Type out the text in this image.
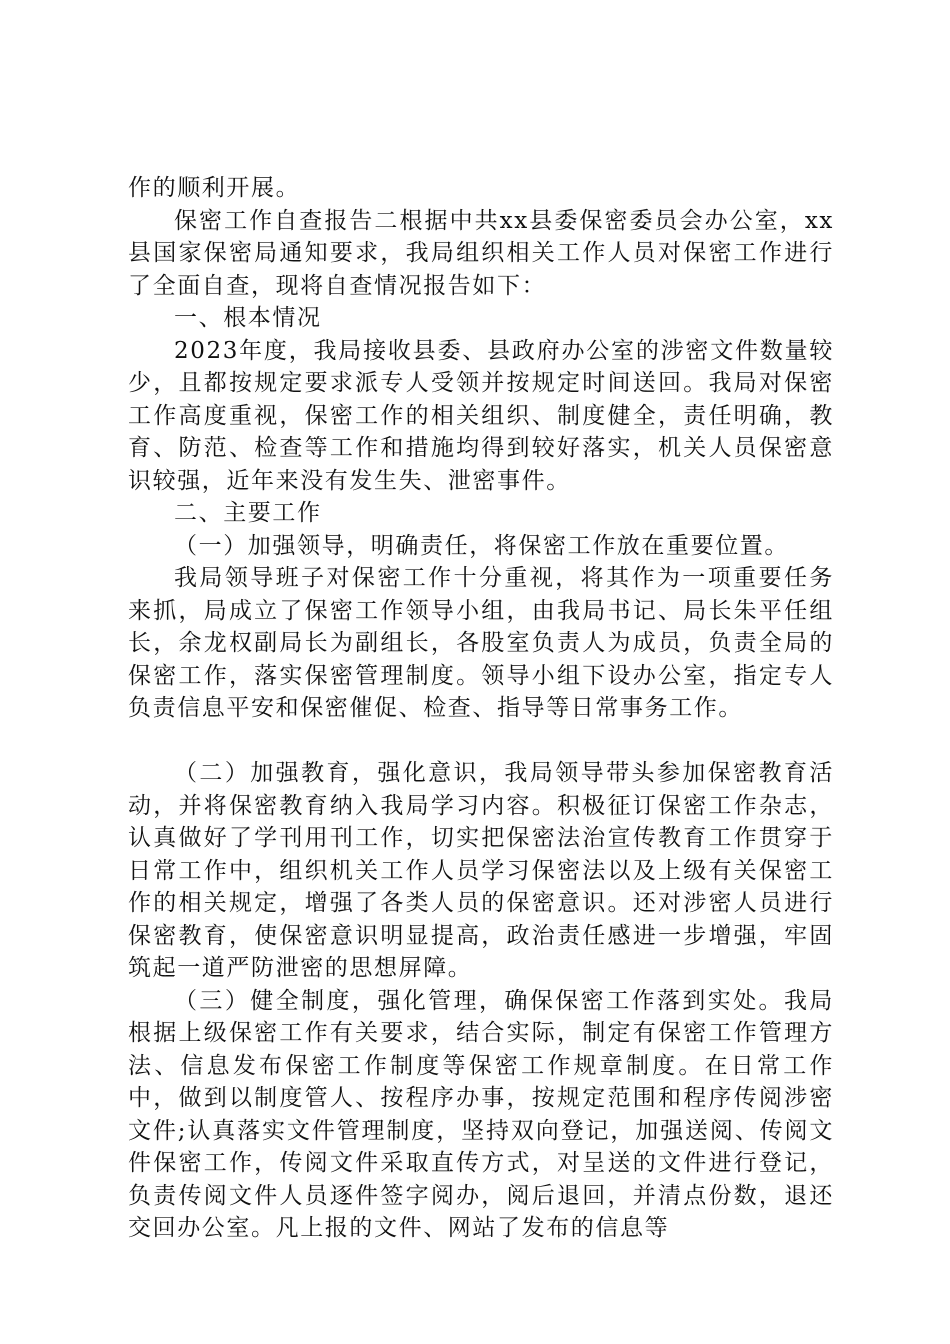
作的顺利开展。

保密工作自查报告二根据中共xx县委保密委员会办公室，xx县国家保密局通知要求，我局组织相关工作人员对保密工作进行了全面自查，现将自查情况报告如下：

一、根本情况

2023年度，我局接收县委、县政府办公室的涉密文件数量较少，且都按规定要求派专人受领并按规定时间送回。我局对保密工作高度重视，保密工作的相关组织、制度健全，责任明确，教育、防范、检查等工作和措施均得到较好落实，机关人员保密意识较强，近年来没有发生失、泄密事件。

二、主要工作

（一）加强领导，明确责任，将保密工作放在重要位置。

我局领导班子对保密工作十分重视，将其作为一项重要任务来抓，局成立了保密工作领导小组，由我局书记、局长朱平任组长，余龙权副局长为副组长，各股室负责人为成员，负责全局的保密工作，落实保密管理制度。领导小组下设办公室，指定专人负责信息平安和保密催促、检查、指导等日常事务工作。

（二）加强教育，强化意识，我局领导带头参加保密教育活动，并将保密教育纳入我局学习内容。积极征订保密工作杂志，认真做好了学刊用刊工作，切实把保密法治宣传教育工作贯穿于日常工作中，组织机关工作人员学习保密法以及上级有关保密工作的相关规定，增强了各类人员的保密意识。还对涉密人员进行保密教育，使保密意识明显提高，政治责任感进一步增强，牢固筑起一道严防泄密的思想屏障。

（三）健全制度，强化管理，确保保密工作落到实处。我局根据上级保密工作有关要求，结合实际，制定有保密工作管理方法、信息发布保密工作制度等保密工作规章制度。在日常工作中，做到以制度管人、按程序办事，按规定范围和程序传阅涉密文件;认真落实文件管理制度，坚持双向登记，加强送阅、传阅文件保密工作，传阅文件采取直传方式，对呈送的文件进行登记，负责传阅文件人员逐件签字阅办，阅后退回，并清点份数，退还交回办公室。凡上报的文件、网站了发布的信息等
